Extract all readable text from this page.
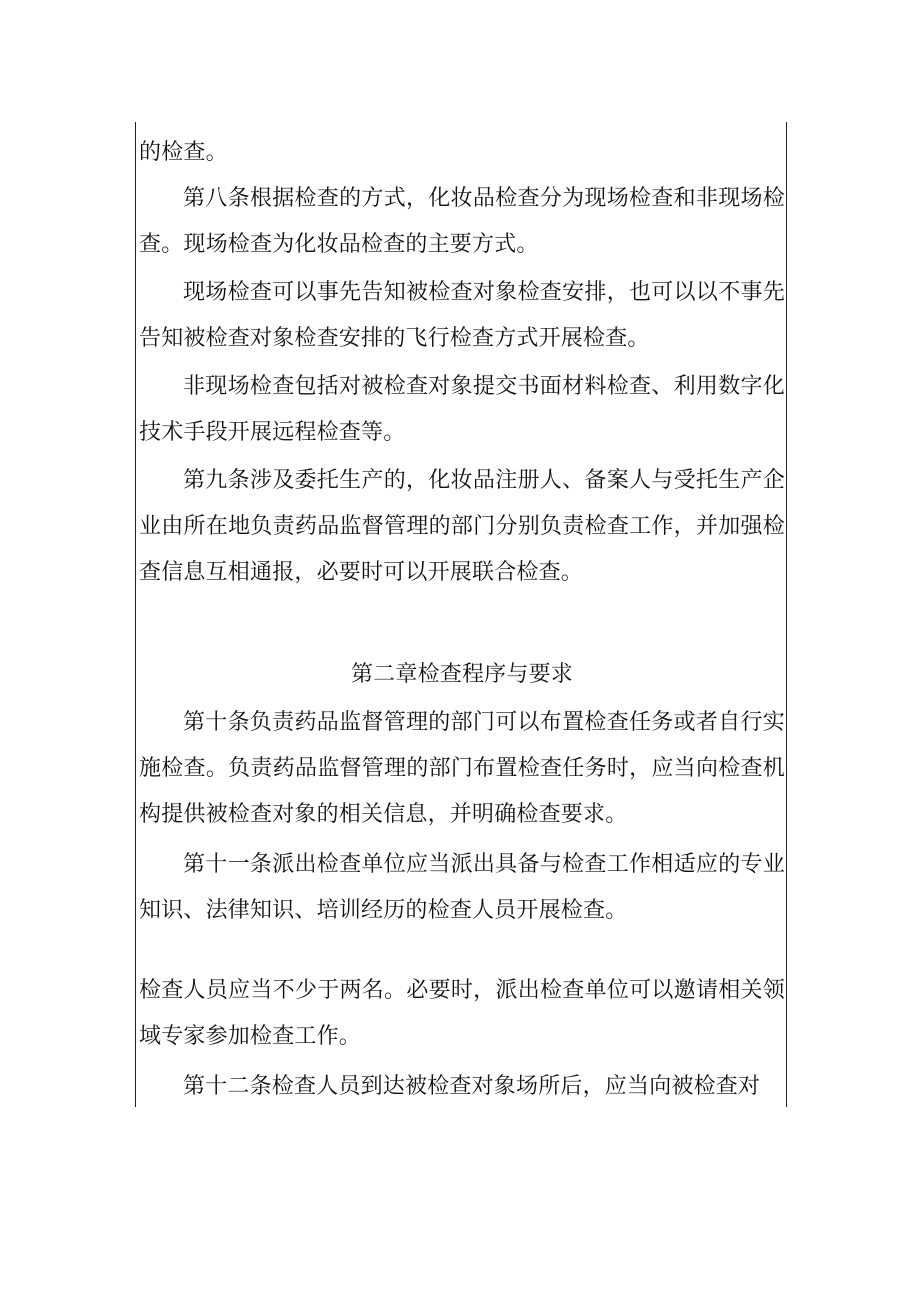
的检查。

第八条根据检查的方式，化妆品检查分为现场检查和非现场检查。现场检查为化妆品检查的主要方式。

现场检查可以事先告知被检查对象检查安排，也可以以不事先告知被检查对象检查安排的飞行检查方式开展检查。

非现场检查包括对被检查对象提交书面材料检查、利用数字化技术手段开展远程检查等。

第九条涉及委托生产的，化妆品注册人、备案人与受托生产企业由所在地负责药品监督管理的部门分别负责检查工作，并加强检查信息互相通报，必要时可以开展联合检查。

第二章检查程序与要求

第十条负责药品监督管理的部门可以布置检查任务或者自行实施检查。负责药品监督管理的部门布置检查任务时，应当向检查机构提供被检查对象的相关信息，并明确检查要求。

第十一条派出检查单位应当派出具备与检查工作相适应的专业知识、法律知识、培训经历的检查人员开展检查。

检查人员应当不少于两名。必要时，派出检查单位可以邀请相关领域专家参加检查工作。

第十二条检查人员到达被检查对象场所后，应当向被检查对
